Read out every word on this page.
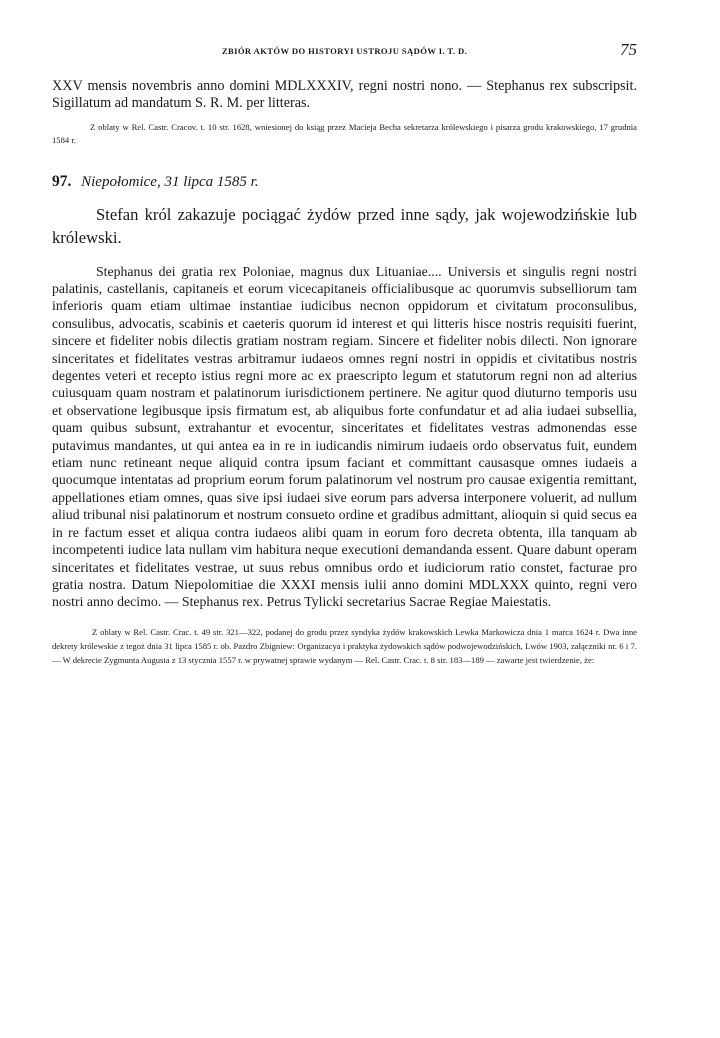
ZBIÓR AKTÓW DO HISTORYI USTROJU SĄDÓW I. T. D.	75

XXV mensis novembris anno domini MDLXXXIV, regni nostri nono. — Stephanus rex subscripsit. Sigillatum ad mandatum S. R. M. per litteras.

Z oblaty w Rel. Castr. Cracov. t. 10 str. 1628, wniesionej do ksiąg przez Macieja Becha sekretarza królewskiego i pisarza grodu krakowskiego, 17 grudnia 1584 r.

97. Niepołomice, 31 lipca 1585 r.

Stefan król zakazuje pociągać żydów przed inne sądy, jak wojewodzińskie lub królewski.

Stephanus dei gratia rex Poloniae, magnus dux Lituaniae.... Universis et singulis regni nostri palatinis, castellanis, capitaneis et eorum vicecapitaneis officialibusque ac quorumvis subselliorum tam inferioris quam etiam ultimae instantiae iudicibus necnon oppidorum et civitatum proconsulibus, consulibus, advocatis, scabinis et caeteris quorum id interest et qui litteris hisce nostris requisiti fuerint, sincere et fideliter nobis dilectis gratiam nostram regiam. Sincere et fideliter nobis dilecti. Non ignorare sinceritates et fidelitates vestras arbitramur iudaeos omnes regni nostri in oppidis et civitatibus nostris degentes veteri et recepto istius regni more ac ex praescripto legum et statutorum regni non ad alterius cuiusquam quam nostram et palatinorum iurisdictionem pertinere. Ne agitur quod diuturno temporis usu et observatione legibusque ipsis firmatum est, ab aliquibus forte confundatur et ad alia iudaei subsellia, quam quibus subsunt, extrahantur et evocentur, sinceritates et fidelitates vestras admonendas esse putavimus mandantes, ut qui antea ea in re in iudicandis nimirum iudaeis ordo observatus fuit, eundem etiam nunc retineant neque aliquid contra ipsum faciant et committant causasque omnes iudaeis a quocumque intentatas ad proprium eorum forum palatinorum vel nostrum pro causae exigentia remittant, appellationes etiam omnes, quas sive ipsi iudaei sive eorum pars adversa interponere voluerit, ad nullum aliud tribunal nisi palatinorum et nostrum consueto ordine et gradibus admittant, alioquin si quid secus ea in re factum esset et aliqua contra iudaeos alibi quam in eorum foro decreta obtenta, illa tanquam ab incompetenti iudice lata nullam vim habitura neque executioni demandanda essent. Quare dabunt operam sinceritates et fidelitates vestrae, ut suus rebus omnibus ordo et iudiciorum ratio constet, facturae pro gratia nostra. Datum Niepolomitiae die XXXI mensis iulii anno domini MDLXXX quinto, regni vero nostri anno decimo. — Stephanus rex. Petrus Tylicki secretarius Sacrae Regiae Maiestatis.

Z oblaty w Rel. Castr. Crac. t. 49 str. 321—322, podanej do grodu przez syndyka żydów krakowskich Lewka Markowicza dnia 1 marca 1624 r. Dwa inne dekrety królewskie z tegoż dnia 31 lipca 1585 r. ob. Pazdro Zbigniew: Organizacya i praktyka żydowskich sądów podwojewodzińskich, Lwów 1903, załączniki nr. 6 i 7. — W dekrecie Zygmunta Augusta z 13 stycznia 1557 r. w prywatnej sprawie wydanym — Rel. Castr. Crac. t. 8 str. 183—189 — zawarte jest twierdzenie, że:
